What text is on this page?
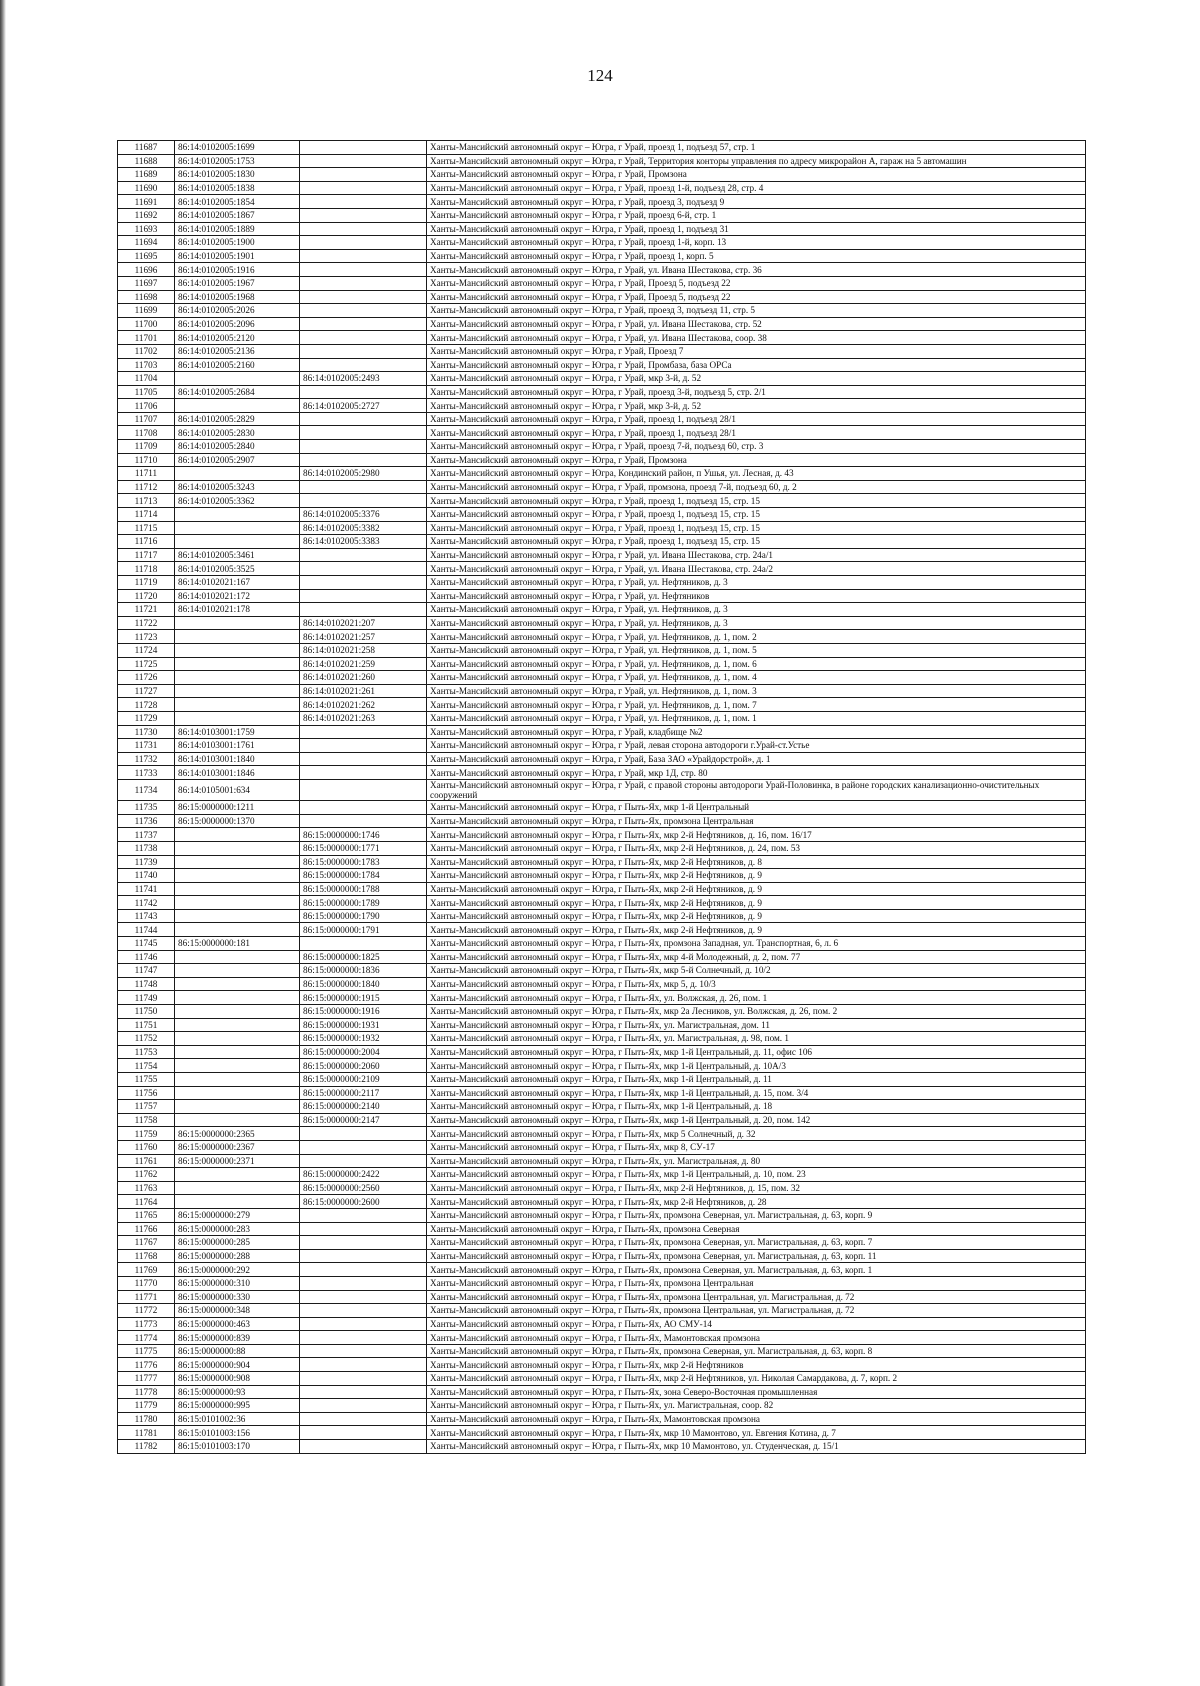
124
11687	86:14:0102005:1699		Ханты-Мансийский автономный округ – Югра, г Урай, проезд 1, подъезд 57, стр. 1
11688	86:14:0102005:1753		Ханты-Мансийский автономный округ – Югра, г Урай, Территория конторы управления по адресу микрорайон А, гараж на 5 автомашин
11689	86:14:0102005:1830		Ханты-Мансийский автономный округ – Югра, г Урай, Промзона
11690	86:14:0102005:1838		Ханты-Мансийский автономный округ – Югра, г Урай, проезд 1-й, подъезд 28, стр. 4
11691	86:14:0102005:1854		Ханты-Мансийский автономный округ – Югра, г Урай, проезд 3, подъезд 9
11692	86:14:0102005:1867		Ханты-Мансийский автономный округ – Югра, г Урай, проезд 6-й, стр. 1
11693	86:14:0102005:1889		Ханты-Мансийский автономный округ – Югра, г Урай, проезд 1, подъезд 31
11694	86:14:0102005:1900		Ханты-Мансийский автономный округ – Югра, г Урай, проезд 1-й, корп. 13
11695	86:14:0102005:1901		Ханты-Мансийский автономный округ – Югра, г Урай, проезд 1, корп. 5
11696	86:14:0102005:1916		Ханты-Мансийский автономный округ – Югра, г Урай, ул. Ивана Шестакова, стр. 36
11697	86:14:0102005:1967		Ханты-Мансийский автономный округ – Югра, г Урай, Проезд 5, подъезд 22
11698	86:14:0102005:1968		Ханты-Мансийский автономный округ – Югра, г Урай, Проезд 5, подъезд 22
11699	86:14:0102005:2026		Ханты-Мансийский автономный округ – Югра, г Урай, проезд 3, подъезд 11, стр. 5
11700	86:14:0102005:2096		Ханты-Мансийский автономный округ – Югра, г Урай, ул. Ивана Шестакова, стр. 52
11701	86:14:0102005:2120		Ханты-Мансийский автономный округ – Югра, г Урай, ул. Ивана Шестакова, соор. 38
11702	86:14:0102005:2136		Ханты-Мансийский автономный округ – Югра, г Урай, Проезд 7
11703	86:14:0102005:2160		Ханты-Мансийский автономный округ – Югра, г Урай, Промбаза, база ОРСа
11704		86:14:0102005:2493	Ханты-Мансийский автономный округ – Югра, г Урай, мкр 3-й, д. 52
11705	86:14:0102005:2684		Ханты-Мансийский автономный округ – Югра, г Урай, проезд 3-й, подъезд 5, стр. 2/1
11706		86:14:0102005:2727	Ханты-Мансийский автономный округ – Югра, г Урай, мкр 3-й, д. 52
11707	86:14:0102005:2829		Ханты-Мансийский автономный округ – Югра, г Урай, проезд 1, подъезд 28/1
11708	86:14:0102005:2830		Ханты-Мансийский автономный округ – Югра, г Урай, проезд 1, подъезд 28/1
11709	86:14:0102005:2840		Ханты-Мансийский автономный округ – Югра, г Урай, проезд 7-й, подъезд 60, стр. 3
11710	86:14:0102005:2907		Ханты-Мансийский автономный округ – Югра, г Урай, Промзона
11711		86:14:0102005:2980	Ханты-Мансийский автономный округ – Югра, Кондинский район, п Ушья, ул. Лесная, д. 43
11712	86:14:0102005:3243		Ханты-Мансийский автономный округ – Югра, г Урай, промзона, проезд 7-й, подъезд 60, д. 2
11713	86:14:0102005:3362		Ханты-Мансийский автономный округ – Югра, г Урай, проезд 1, подъезд 15, стр. 15
11714		86:14:0102005:3376	Ханты-Мансийский автономный округ – Югра, г Урай, проезд 1, подъезд 15, стр. 15
11715		86:14:0102005:3382	Ханты-Мансийский автономный округ – Югра, г Урай, проезд 1, подъезд 15, стр. 15
11716		86:14:0102005:3383	Ханты-Мансийский автономный округ – Югра, г Урай, проезд 1, подъезд 15, стр. 15
11717	86:14:0102005:3461		Ханты-Мансийский автономный округ – Югра, г Урай, ул. Ивана Шестакова, стр. 24а/1
11718	86:14:0102005:3525		Ханты-Мансийский автономный округ – Югра, г Урай, ул. Ивана Шестакова, стр. 24а/2
11719	86:14:0102021:167		Ханты-Мансийский автономный округ – Югра, г Урай, ул. Нефтяников, д. 3
11720	86:14:0102021:172		Ханты-Мансийский автономный округ – Югра, г Урай, ул. Нефтяников
11721	86:14:0102021:178		Ханты-Мансийский автономный округ – Югра, г Урай, ул. Нефтяников, д. 3
11722		86:14:0102021:207	Ханты-Мансийский автономный округ – Югра, г Урай, ул. Нефтяников, д. 3
11723		86:14:0102021:257	Ханты-Мансийский автономный округ – Югра, г Урай, ул. Нефтяников, д. 1, пом. 2
11724		86:14:0102021:258	Ханты-Мансийский автономный округ – Югра, г Урай, ул. Нефтяников, д. 1, пом. 5
11725		86:14:0102021:259	Ханты-Мансийский автономный округ – Югра, г Урай, ул. Нефтяников, д. 1, пом. 6
11726		86:14:0102021:260	Ханты-Мансийский автономный округ – Югра, г Урай, ул. Нефтяников, д. 1, пом. 4
11727		86:14:0102021:261	Ханты-Мансийский автономный округ – Югра, г Урай, ул. Нефтяников, д. 1, пом. 3
11728		86:14:0102021:262	Ханты-Мансийский автономный округ – Югра, г Урай, ул. Нефтяников, д. 1, пом. 7
11729		86:14:0102021:263	Ханты-Мансийский автономный округ – Югра, г Урай, ул. Нефтяников, д. 1, пом. 1
11730	86:14:0103001:1759		Ханты-Мансийский автономный округ – Югра, г Урай, кладбище №2
11731	86:14:0103001:1761		Ханты-Мансийский автономный округ – Югра, г Урай, левая сторона автодороги г.Урай-ст.Устье
11732	86:14:0103001:1840		Ханты-Мансийский автономный округ – Югра, г Урай, База ЗАО «Урайдорстрой», д. 1
11733	86:14:0103001:1846		Ханты-Мансийский автономный округ – Югра, г Урай, мкр 1Д, стр. 80
11734	86:14:0105001:634		Ханты-Мансийский автономный округ – Югра, г Урай, с правой стороны автодороги Урай-Половинка, в районе городских канализационно-очистительных сооружений
11735	86:15:0000000:1211		Ханты-Мансийский автономный округ – Югра, г Пыть-Ях, мкр 1-й Центральный
11736	86:15:0000000:1370		Ханты-Мансийский автономный округ – Югра, г Пыть-Ях, промзона Центральная
11737		86:15:0000000:1746	Ханты-Мансийский автономный округ – Югра, г Пыть-Ях, мкр 2-й Нефтяников, д. 16, пом. 16/17
11738		86:15:0000000:1771	Ханты-Мансийский автономный округ – Югра, г Пыть-Ях, мкр 2-й Нефтяников, д. 24, пом. 53
11739		86:15:0000000:1783	Ханты-Мансийский автономный округ – Югра, г Пыть-Ях, мкр 2-й Нефтяников, д. 8
11740		86:15:0000000:1784	Ханты-Мансийский автономный округ – Югра, г Пыть-Ях, мкр 2-й Нефтяников, д. 9
11741		86:15:0000000:1788	Ханты-Мансийский автономный округ – Югра, г Пыть-Ях, мкр 2-й Нефтяников, д. 9
11742		86:15:0000000:1789	Ханты-Мансийский автономный округ – Югра, г Пыть-Ях, мкр 2-й Нефтяников, д. 9
11743		86:15:0000000:1790	Ханты-Мансийский автономный округ – Югра, г Пыть-Ях, мкр 2-й Нефтяников, д. 9
11744		86:15:0000000:1791	Ханты-Мансийский автономный округ – Югра, г Пыть-Ях, мкр 2-й Нефтяников, д. 9
11745	86:15:0000000:181		Ханты-Мансийский автономный округ – Югра, г Пыть-Ях, промзона Западная, ул. Транспортная, 6, л. 6
11746		86:15:0000000:1825	Ханты-Мансийский автономный округ – Югра, г Пыть-Ях, мкр 4-й Молодежный, д. 2, пом. 77
11747		86:15:0000000:1836	Ханты-Мансийский автономный округ – Югра, г Пыть-Ях, мкр 5-й Солнечный, д. 10/2
11748		86:15:0000000:1840	Ханты-Мансийский автономный округ – Югра, г Пыть-Ях, мкр 5, д. 10/3
11749		86:15:0000000:1915	Ханты-Мансийский автономный округ – Югра, г Пыть-Ях, ул. Волжская, д. 26, пом. 1
11750		86:15:0000000:1916	Ханты-Мансийский автономный округ – Югра, г Пыть-Ях, мкр 2а Лесников, ул. Волжская, д. 26, пом. 2
11751		86:15:0000000:1931	Ханты-Мансийский автономный округ – Югра, г Пыть-Ях, ул. Магистральная, дом. 11
11752		86:15:0000000:1932	Ханты-Мансийский автономный округ – Югра, г Пыть-Ях, ул. Магистральная, д. 98, пом. 1
11753		86:15:0000000:2004	Ханты-Мансийский автономный округ – Югра, г Пыть-Ях, мкр 1-й Центральный, д. 11, офис 106
11754		86:15:0000000:2060	Ханты-Мансийский автономный округ – Югра, г Пыть-Ях, мкр 1-й Центральный, д. 10А/3
11755		86:15:0000000:2109	Ханты-Мансийский автономный округ – Югра, г Пыть-Ях, мкр 1-й Центральный, д. 11
11756		86:15:0000000:2117	Ханты-Мансийский автономный округ – Югра, г Пыть-Ях, мкр 1-й Центральный, д. 15, пом. 3/4
11757		86:15:0000000:2140	Ханты-Мансийский автономный округ – Югра, г Пыть-Ях, мкр 1-й Центральный, д. 18
11758		86:15:0000000:2147	Ханты-Мансийский автономный округ – Югра, г Пыть-Ях, мкр 1-й Центральный, д. 20, пом. 142
11759	86:15:0000000:2365		Ханты-Мансийский автономный округ – Югра, г Пыть-Ях, мкр 5 Солнечный, д. 32
11760	86:15:0000000:2367		Ханты-Мансийский автономный округ – Югра, г Пыть-Ях, мкр 8, СУ-17
11761	86:15:0000000:2371		Ханты-Мансийский автономный округ – Югра, г Пыть-Ях, ул. Магистральная, д. 80
11762		86:15:0000000:2422	Ханты-Мансийский автономный округ – Югра, г Пыть-Ях, мкр 1-й Центральный, д. 10, пом. 23
11763		86:15:0000000:2560	Ханты-Мансийский автономный округ – Югра, г Пыть-Ях, мкр 2-й Нефтяников, д. 15, пом. 32
11764		86:15:0000000:2600	Ханты-Мансийский автономный округ – Югра, г Пыть-Ях, мкр 2-й Нефтяников, д. 28
11765	86:15:0000000:279		Ханты-Мансийский автономный округ – Югра, г Пыть-Ях, промзона Северная, ул. Магистральная, д. 63, корп. 9
11766	86:15:0000000:283		Ханты-Мансийский автономный округ – Югра, г Пыть-Ях, промзона Северная
11767	86:15:0000000:285		Ханты-Мансийский автономный округ – Югра, г Пыть-Ях, промзона Северная, ул. Магистральная, д. 63, корп. 7
11768	86:15:0000000:288		Ханты-Мансийский автономный округ – Югра, г Пыть-Ях, промзона Северная, ул. Магистральная, д. 63, корп. 11
11769	86:15:0000000:292		Ханты-Мансийский автономный округ – Югра, г Пыть-Ях, промзона Северная, ул. Магистральная, д. 63, корп. 1
11770	86:15:0000000:310		Ханты-Мансийский автономный округ – Югра, г Пыть-Ях, промзона Центральная
11771	86:15:0000000:330		Ханты-Мансийский автономный округ – Югра, г Пыть-Ях, промзона Центральная, ул. Магистральная, д. 72
11772	86:15:0000000:348		Ханты-Мансийский автономный округ – Югра, г Пыть-Ях, промзона Центральная, ул. Магистральная, д. 72
11773	86:15:0000000:463		Ханты-Мансийский автономный округ – Югра, г Пыть-Ях, АО СМУ-14
11774	86:15:0000000:839		Ханты-Мансийский автономный округ – Югра, г Пыть-Ях, Мамонтовская промзона
11775	86:15:0000000:88		Ханты-Мансийский автономный округ – Югра, г Пыть-Ях, промзона Северная, ул. Магистральная, д. 63, корп. 8
11776	86:15:0000000:904		Ханты-Мансийский автономный округ – Югра, г Пыть-Ях, мкр 2-й Нефтяников
11777	86:15:0000000:908		Ханты-Мансийский автономный округ – Югра, г Пыть-Ях, мкр 2-й Нефтяников, ул. Николая Самардакова, д. 7, корп. 2
11778	86:15:0000000:93		Ханты-Мансийский автономный округ – Югра, г Пыть-Ях, зона Северо-Восточная промышленная
11779	86:15:0000000:995		Ханты-Мансийский автономный округ – Югра, г Пыть-Ях, ул. Магистральная, соор. 82
11780	86:15:0101002:36		Ханты-Мансийский автономный округ – Югра, г Пыть-Ях, Мамонтовская промзона
11781	86:15:0101003:156		Ханты-Мансийский автономный округ – Югра, г Пыть-Ях, мкр 10 Мамонтово, ул. Евгения Котина, д. 7
11782	86:15:0101003:170		Ханты-Мансийский автономный округ – Югра, г Пыть-Ях, мкр 10 Мамонтово, ул. Студенческая, д. 15/1
